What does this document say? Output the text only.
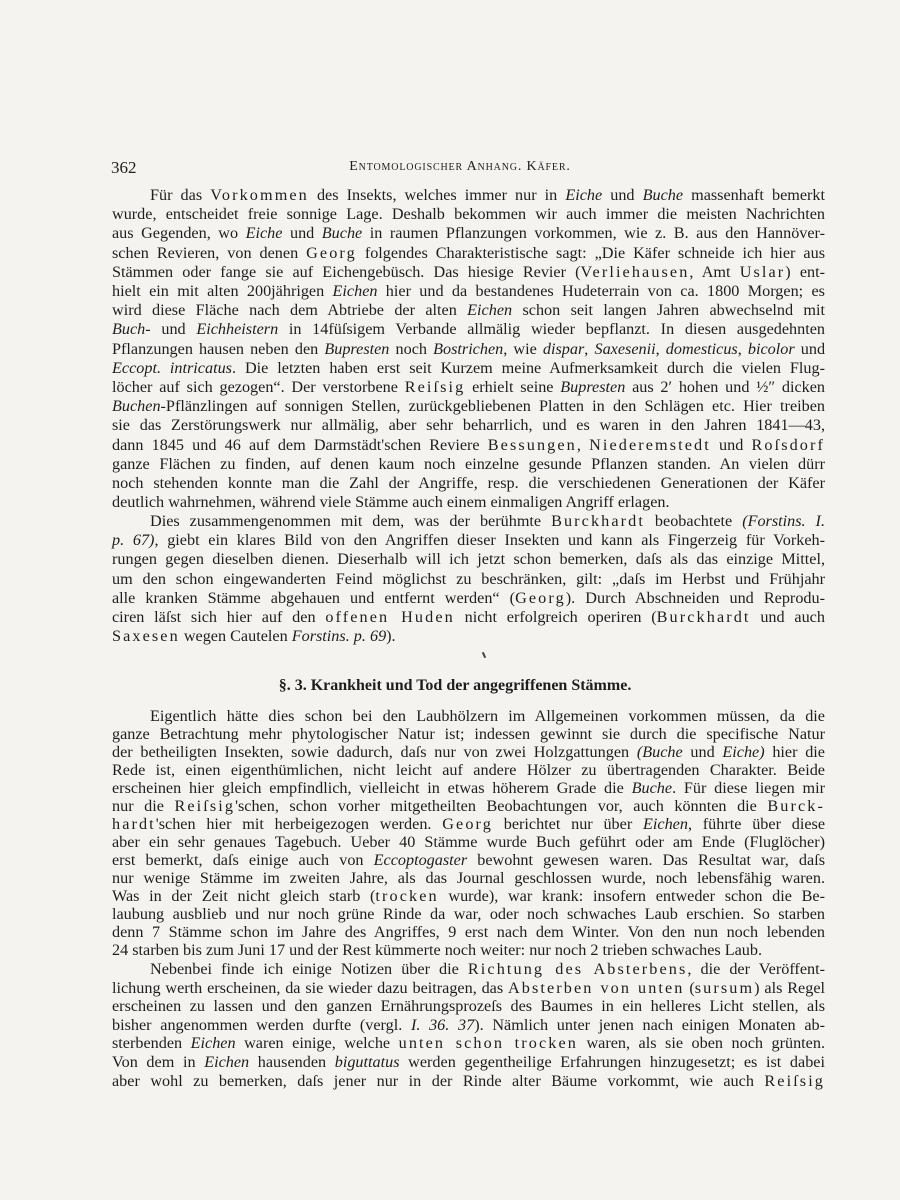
362	Entomologischer Anhang. Käfer.
Für das Vorkommen des Insekts, welches immer nur in Eiche und Buche massenhaft bemerkt
wurde, entscheidet freie sonnige Lage. Deshalb bekommen wir auch immer die meisten Nachrichten
aus Gegenden, wo Eiche und Buche in raumen Pflanzungen vorkommen, wie z. B. aus den Hannöver-
schen Revieren, von denen Georg folgendes Charakteristische sagt: „Die Käfer schneide ich hier aus
Stämmen oder fange sie auf Eichengebüsch. Das hiesige Revier (Verliehausen, Amt Uslar) ent-
hielt ein mit alten 200jährigen Eichen hier und da bestandenes Hudeterrain von ca. 1800 Morgen; es
wird diese Fläche nach dem Abtriebe der alten Eichen schon seit langen Jahren abwechselnd mit
Buch- und Eichheistern in 14füſsigem Verbande allmälig wieder bepflanzt. In diesen ausgedehnten
Pflanzungen hausen neben den Bupresten noch Bostrichen, wie dispar, Saxesenii, domesticus, bicolor und
Eccopt. intricatus. Die letzten haben erst seit Kurzem meine Aufmerksamkeit durch die vielen Flug-
löcher auf sich gezogen“. Der verstorbene Reiſsig erhielt seine Bupresten aus 2′ hohen und ½″ dicken
Buchen-Pflänzlingen auf sonnigen Stellen, zurückgebliebenen Platten in den Schlägen etc. Hier treiben
sie das Zerstörungswerk nur allmälig, aber sehr beharrlich, und es waren in den Jahren 1841—43,
dann 1845 und 46 auf dem Darmstädt'schen Reviere Bessungen, Niederemstedt und Roſsdorf
ganze Flächen zu finden, auf denen kaum noch einzelne gesunde Pflanzen standen. An vielen dürr
noch stehenden konnte man die Zahl der Angriffe, resp. die verschiedenen Generationen der Käfer
deutlich wahrnehmen, während viele Stämme auch einem einmaligen Angriff erlagen.
Dies zusammengenommen mit dem, was der berühmte Burckhardt beobachtete (Forstins. I.
p. 67), giebt ein klares Bild von den Angriffen dieser Insekten und kann als Fingerzeig für Vorkeh-
rungen gegen dieselben dienen. Dieserhalb will ich jetzt schon bemerken, daſs als das einzige Mittel,
um den schon eingewanderten Feind möglichst zu beschränken, gilt: „daſs im Herbst und Frühjahr
alle kranken Stämme abgehauen und entfernt werden“ (Georg). Durch Abschneiden und Reprodu-
ciren läſst sich hier auf den offenen Huden nicht erfolgreich operiren (Burckhardt und auch
Saxesen wegen Cautelen Forstins. p. 69).
§. 3. Krankheit und Tod der angegriffenen Stämme.
Eigentlich hätte dies schon bei den Laubhölzern im Allgemeinen vorkommen müssen, da die
ganze Betrachtung mehr phytologischer Natur ist; indessen gewinnt sie durch die specifische Natur
der betheiligten Insekten, sowie dadurch, daſs nur von zwei Holzgattungen (Buche und Eiche) hier die
Rede ist, einen eigenthümlichen, nicht leicht auf andere Hölzer zu übertragenden Charakter. Beide
erscheinen hier gleich empfindlich, vielleicht in etwas höherem Grade die Buche. Für diese liegen mir
nur die Reiſsig'schen, schon vorher mitgetheilten Beobachtungen vor, auch könnten die Burck-
hardt'schen hier mit herbeigezogen werden. Georg berichtet nur über Eichen, führte über diese
aber ein sehr genaues Tagebuch. Ueber 40 Stämme wurde Buch geführt oder am Ende (Fluglöcher)
erst bemerkt, daſs einige auch von Eccoptogaster bewohnt gewesen waren. Das Resultat war, daſs
nur wenige Stämme im zweiten Jahre, als das Journal geschlossen wurde, noch lebensfähig waren.
Was in der Zeit nicht gleich starb (trocken wurde), war krank: insofern entweder schon die Be-
laubung ausblieb und nur noch grüne Rinde da war, oder noch schwaches Laub erschien. So starben
denn 7 Stämme schon im Jahre des Angriffes, 9 erst nach dem Winter. Von den nun noch lebenden
24 starben bis zum Juni 17 und der Rest kümmerte noch weiter: nur noch 2 trieben schwaches Laub.
Nebenbei finde ich einige Notizen über die Richtung des Absterbens, die der Veröffent-
lichung werth erscheinen, da sie wieder dazu beitragen, das Absterben von unten (sursum) als Regel
erscheinen zu lassen und den ganzen Ernährungsprozeſs des Baumes in ein helleres Licht stellen, als
bisher angenommen werden durfte (vergl. I. 36. 37). Nämlich unter jenen nach einigen Monaten ab-
sterbenden Eichen waren einige, welche unten schon trocken waren, als sie oben noch grünten.
Von dem in Eichen hausenden biguttatus werden gegentheilige Erfahrungen hinzugesetzt; es ist dabei
aber wohl zu bemerken, daſs jener nur in der Rinde alter Bäume vorkommt, wie auch Reiſsig
